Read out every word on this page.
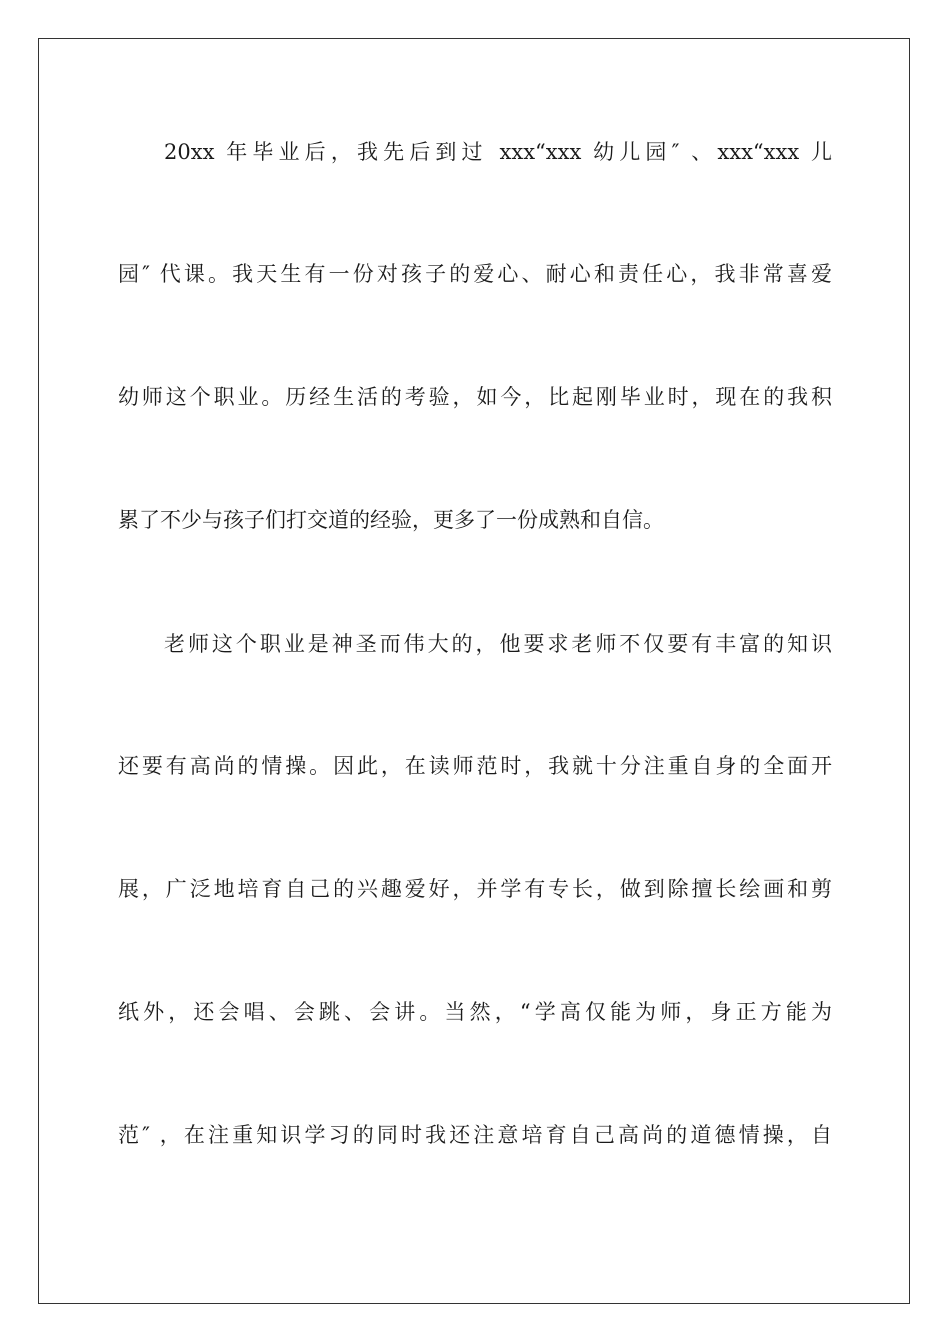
20xx 年毕业后，我先后到过 xxx“xxx 幼儿园″ 、xxx“xxx 儿
园″ 代课。我天生有一份对孩子的爱心、耐心和责任心，我非常喜爱
幼师这个职业。历经生活的考验，如今，比起刚毕业时，现在的我积
累了不少与孩子们打交道的经验，更多了一份成熟和自信。
老师这个职业是神圣而伟大的，他要求老师不仅要有丰富的知识
还要有高尚的情操。因此，在读师范时，我就十分注重自身的全面开
展，广泛地培育自己的兴趣爱好，并学有专长，做到除擅长绘画和剪
纸外，还会唱、会跳、会讲。当然，“学高仅能为师，身正方能为
范″ ，在注重知识学习的同时我还注意培育自己高尚的道德情操，自
